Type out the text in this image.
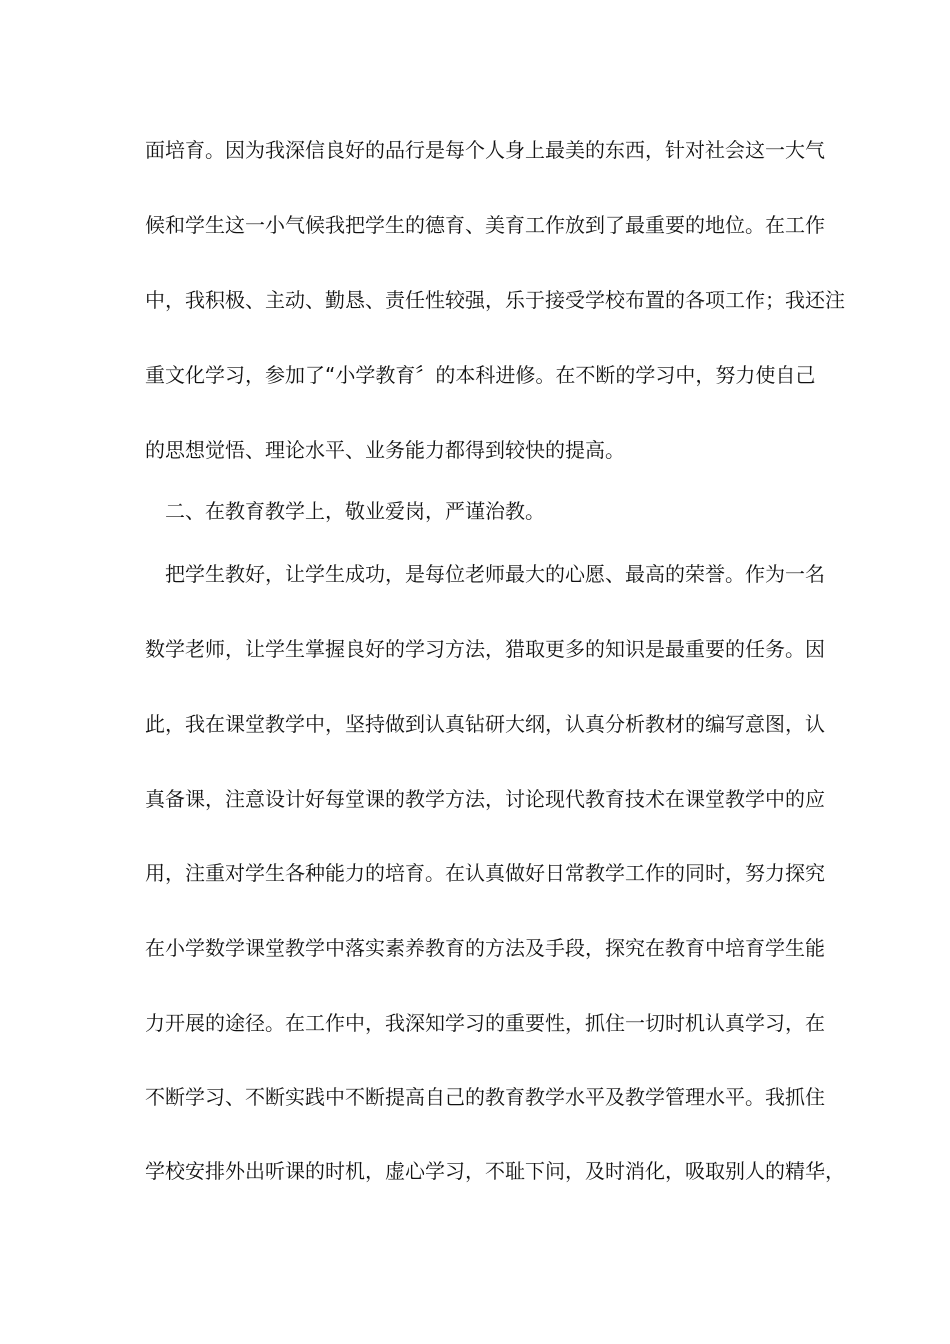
面培育。因为我深信良好的品行是每个人身上最美的东西，针对社会这一大气
候和学生这一小气候我把学生的德育、美育工作放到了最重要的地位。在工作
中，我积极、主动、勤恳、责任性较强，乐于接受学校布置的各项工作；我还注
重文化学习，参加了“小学教育〞的本科进修。在不断的学习中，努力使自己
的思想觉悟、理论水平、业务能力都得到较快的提高。
二、在教育教学上，敬业爱岗，严谨治教。
把学生教好，让学生成功，是每位老师最大的心愿、最高的荣誉。作为一名
数学老师，让学生掌握良好的学习方法，猎取更多的知识是最重要的任务。因
此，我在课堂教学中，坚持做到认真钻研大纲，认真分析教材的编写意图，认
真备课，注意设计好每堂课的教学方法，讨论现代教育技术在课堂教学中的应
用，注重对学生各种能力的培育。在认真做好日常教学工作的同时，努力探究
在小学数学课堂教学中落实素养教育的方法及手段，探究在教育中培育学生能
力开展的途径。在工作中，我深知学习的重要性，抓住一切时机认真学习，在
不断学习、不断实践中不断提高自己的教育教学水平及教学管理水平。我抓住
学校安排外出听课的时机，虚心学习，不耻下问，及时消化，吸取别人的精华，
